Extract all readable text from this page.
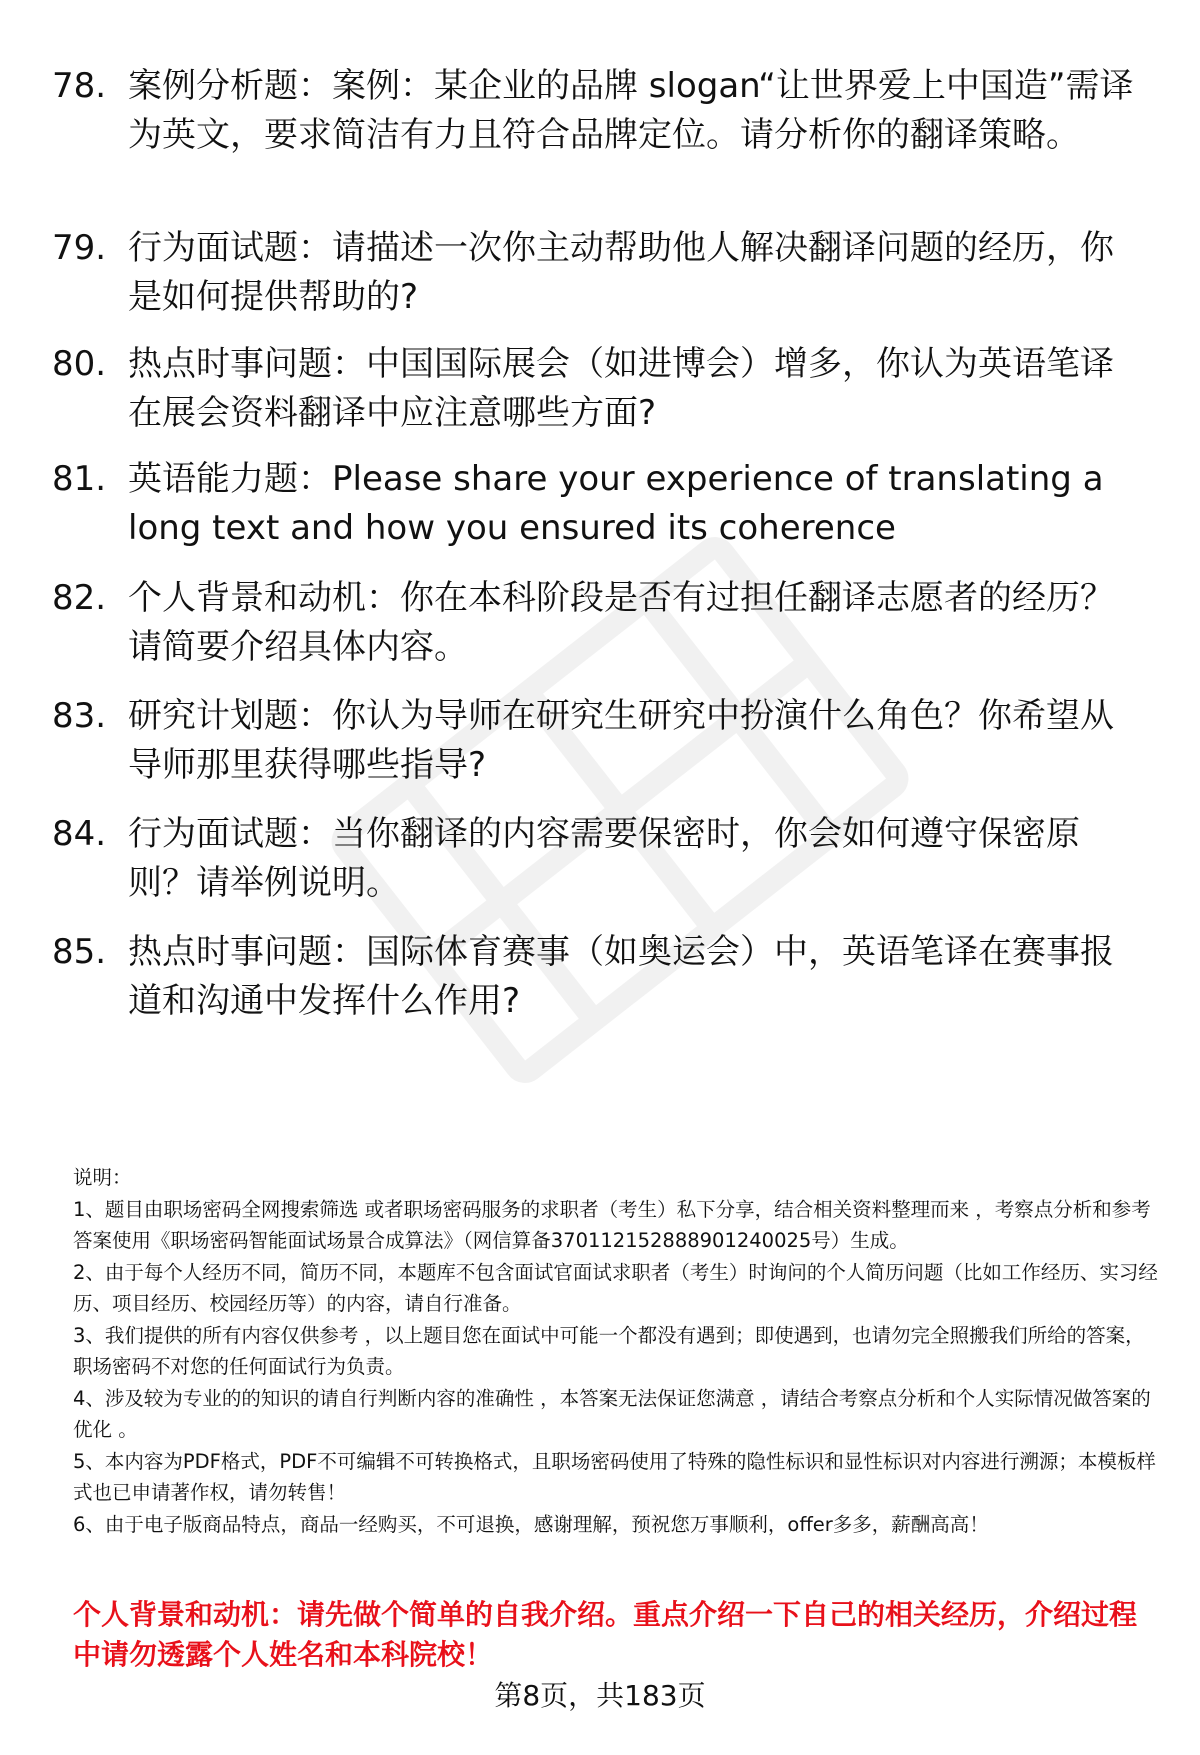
78. 案例分析题：案例：某企业的品牌 slogan“让世界爱上中国造”需译为英文，要求简洁有力且符合品牌定位。请分析你的翻译策略。
79. 行为面试题：请描述一次你主动帮助他人解决翻译问题的经历，你是如何提供帮助的?
80. 热点时事问题：中国国际展会（如进博会）增多，你认为英语笔译在展会资料翻译中应注意哪些方面?
81. 英语能力题：Please share your experience of translating a long text and how you ensured its coherence
82. 个人背景和动机：你在本科阶段是否有过担任翻译志愿者的经历？请简要介绍具体内容。
83. 研究计划题：你认为导师在研究生研究中扮演什么角色？你希望从导师那里获得哪些指导?
84. 行为面试题：当你翻译的内容需要保密时，你会如何遵守保密原则？请举例说明。
85. 热点时事问题：国际体育赛事（如奥运会）中，英语笔译在赛事报道和沟通中发挥什么作用?

说明：

1、题目由职场密码全网搜索筛选 或者职场密码服务的求职者（考生）私下分享，结合相关资料整理而来 ，考察点分析和参考答案使用《职场密码智能面试场景合成算法》（网信算备370112152888901240025号）生成。

2、由于每个人经历不同，简历不同，本题库不包含面试官面试求职者（考生）时询问的个人简历问题（比如工作经历、实习经历、项目经历、校园经历等）的内容，请自行准备。

3、我们提供的所有内容仅供参考 ，以上题目您在面试中可能一个都没有遇到；即使遇到，也请勿完全照搬我们所给的答案，职场密码不对您的任何面试行为负责。

4、涉及较为专业的的知识的请自行判断内容的准确性 ，本答案无法保证您满意 ，请结合考察点分析和个人实际情况做答案的优化 。

5、本内容为PDF格式，PDF不可编辑不可转换格式，且职场密码使用了特殊的隐性标识和显性标识对内容进行溯源；本模板样式也已申请著作权，请勿转售！

6、由于电子版商品特点，商品一经购买，不可退换，感谢理解，预祝您万事顺利，offer多多，薪酬高高！

个人背景和动机：请先做个简单的自我介绍。重点介绍一下自己的相关经历，介绍过程中请勿透露个人姓名和本科院校！
第8页，共183页
